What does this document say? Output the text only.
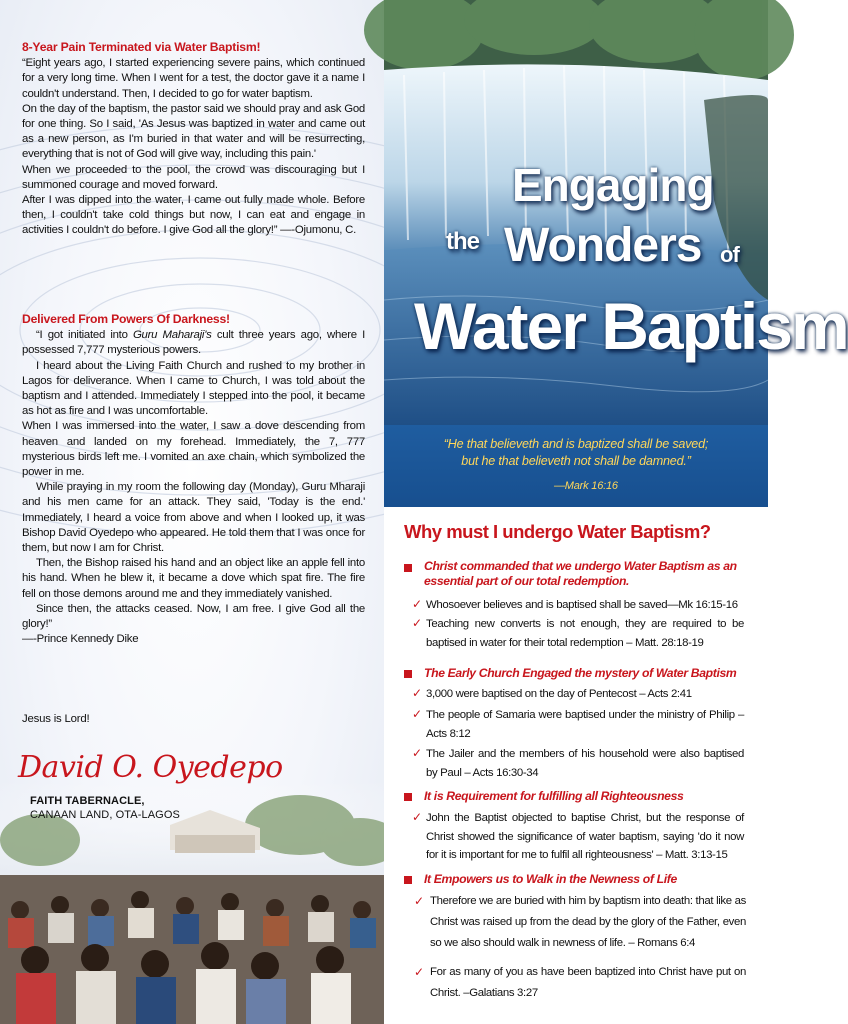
8-Year Pain Terminated via Water Baptism!

“Eight years ago, I started experiencing severe pains, which continued for a very long time. When I went for a test, the doctor gave it a name I couldn't understand. Then, I decided to go for water baptism.

On the day of the baptism, the pastor said we should pray and ask God for one thing. So I said, 'As Jesus was baptized in water and came out as a new person, as I'm buried in that water and will be resurrecting, everything that is not of God will give way, including this pain.'

When we proceeded to the pool, the crowd was discouraging but I summoned courage and moved forward.

After I was dipped into the water, I came out fully made whole. Before then, I couldn't take cold things but now, I can eat and engage in activities I couldn't do before. I give God all the glory!” —-Ojumonu, C.

Delivered From Powers Of Darkness!

“I got initiated into Guru Maharaji's cult three years ago, where I possessed 7,777 mysterious powers.

I heard about the Living Faith Church and rushed to my brother in Lagos for deliverance. When I came to Church, I was told about the baptism and I attended. Immediately I stepped into the pool, it became as hot as fire and I was uncomfortable.

When I was immersed into the water, I saw a dove descending from heaven and landed on my forehead. Immediately, the 7, 777 mysterious birds left me. I vomited an axe chain, which symbolized the power in me.

While praying in my room the following day (Monday), Guru Mharaji and his men came for an attack. They said, 'Today is the end.' Immediately, I heard a voice from above and when I looked up, it was Bishop David Oyedepo who appeared. He told them that I was once for them, but now I am for Christ.

Then, the Bishop raised his hand and an object like an apple fell into his hand. When he blew it, it became a dove which spat fire. The fire fell on those demons around me and they immediately vanished.

Since then, the attacks ceased. Now, I am free. I give God all the glory!”

—-Prince Kennedy Dike

Jesus is Lord!
David O. Oyedepo
FAITH TABERNACLE,
CANAAN LAND, OTA-LAGOS
Engaging
the Wonders of
Water Baptism
“He that believeth and is baptized shall be saved;
but he that believeth not shall be damned.”
—Mark 16:16
Why must I undergo Water Baptism?
Christ commanded that we undergo Water Baptism as an essential part of our total redemption.
✓ Whosoever believes and is baptised shall be saved—Mk 16:15-16
✓ Teaching new converts is not enough, they are required to be baptised in water for their total redemption – Matt. 28:18-19
The Early Church Engaged the mystery of Water Baptism
✓ 3,000 were baptised on the day of Pentecost – Acts 2:41
✓ The people of Samaria were baptised under the ministry of Philip – Acts 8:12
✓ The Jailer and the members of his household were also baptised by Paul – Acts 16:30-34
It is Requirement for fulfilling all Righteousness
✓ John the Baptist objected to baptise Christ, but the response of Christ showed the significance of water baptism, saying 'do it now for it is important for me to fulfil all righteousness' – Matt. 3:13-15
It Empowers us to Walk in the Newness of Life
✓ Therefore we are buried with him by baptism into death: that like as Christ was raised up from the dead by the glory of the Father, even so we also should walk in newness of life. – Romans 6:4
✓ For as many of you as have been baptized into Christ have put on Christ. –Galatians 3:27
